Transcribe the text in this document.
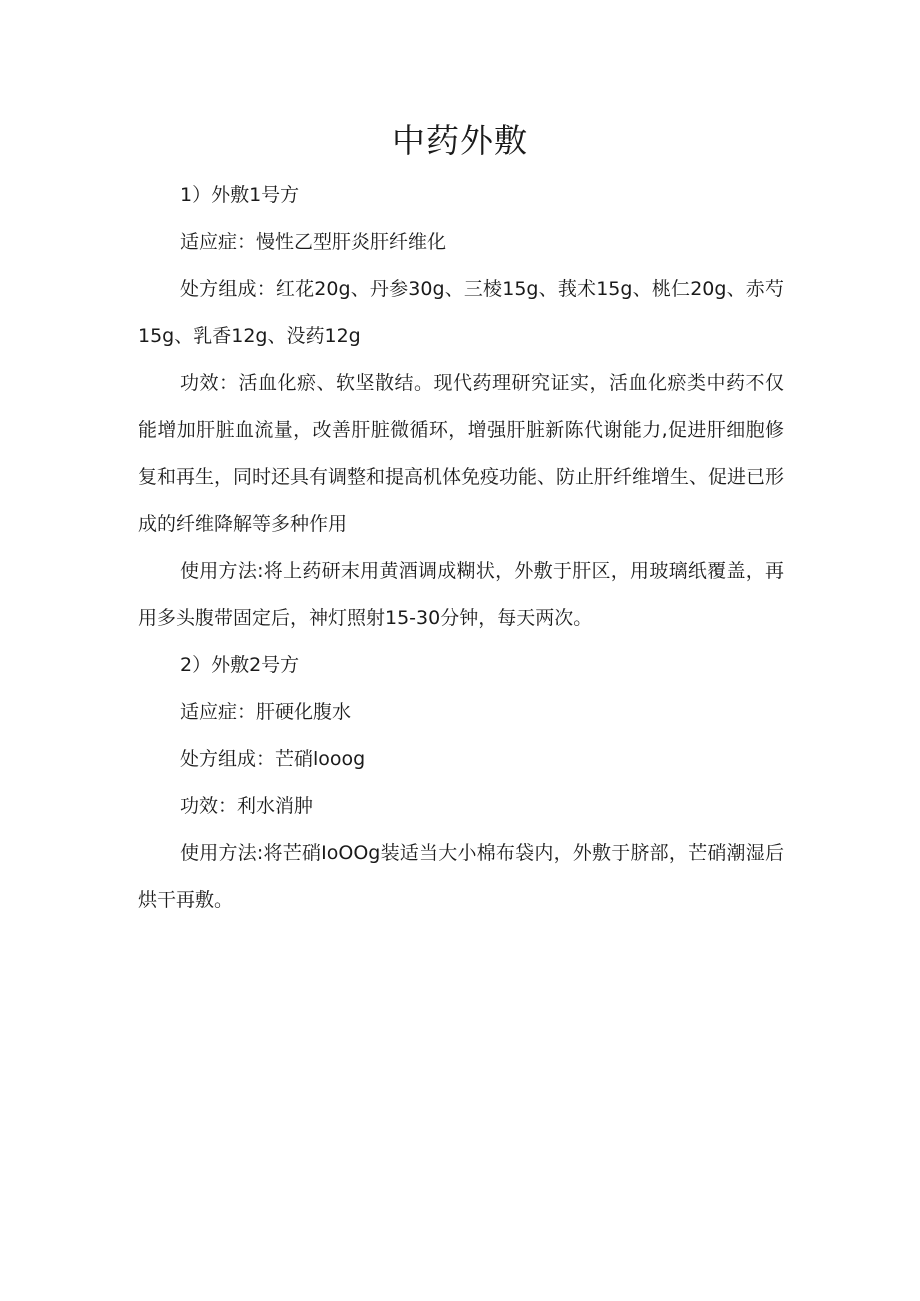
中药外敷

1）外敷1号方

适应症：慢性乙型肝炎肝纤维化

处方组成：红花20g、丹参30g、三棱15g、莪术15g、桃仁20g、赤芍15g、乳香12g、没药12g

功效：活血化瘀、软坚散结。现代药理研究证实，活血化瘀类中药不仅能增加肝脏血流量，改善肝脏微循环，增强肝脏新陈代谢能力,促进肝细胞修复和再生，同时还具有调整和提高机体免疫功能、防止肝纤维增生、促进已形成的纤维降解等多种作用

使用方法:将上药研末用黄酒调成糊状，外敷于肝区，用玻璃纸覆盖，再用多头腹带固定后，神灯照射15-30分钟，每天两次。

2）外敷2号方

适应症：肝硬化腹水

处方组成：芒硝looog

功效：利水消肿

使用方法:将芒硝IoOOg装适当大小棉布袋内，外敷于脐部，芒硝潮湿后烘干再敷。
